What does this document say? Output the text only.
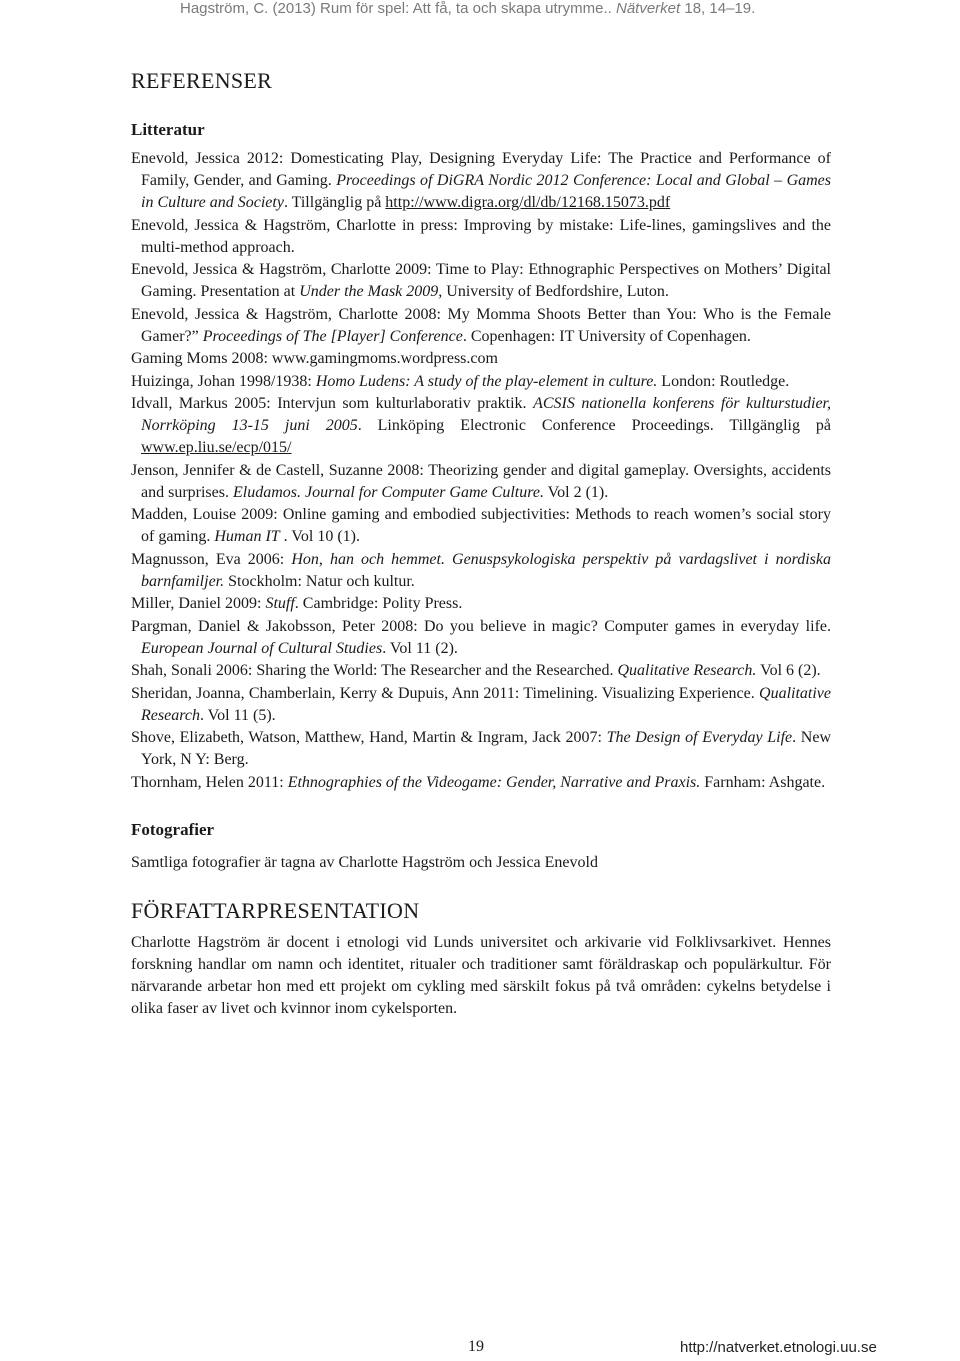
Hagström, C. (2013) Rum för spel: Att få, ta och skapa utrymme.. Nätverket 18, 14–19.
REFERENSER
Litteratur

Enevold, Jessica 2012: Domesticating Play, Designing Everyday Life: The Practice and Performance of Family, Gender, and Gaming. Proceedings of DiGRA Nordic 2012 Conference: Local and Global – Games in Culture and Society. Tillgänglig på http://www.digra.org/dl/db/12168.15073.pdf

Enevold, Jessica & Hagström, Charlotte in press: Improving by mistake: Life-lines, gamingslives and the multi-method approach.

Enevold, Jessica & Hagström, Charlotte 2009: Time to Play: Ethnographic Perspectives on Mothers’ Digital Gaming. Presentation at Under the Mask 2009, University of Bedfordshire, Luton.

Enevold, Jessica & Hagström, Charlotte 2008: My Momma Shoots Better than You: Who is the Female Gamer?” Proceedings of The [Player] Conference. Copenhagen: IT University of Copenhagen.

Gaming Moms 2008: www.gamingmoms.wordpress.com

Huizinga, Johan 1998/1938: Homo Ludens: A study of the play-element in culture. London: Routledge.

Idvall, Markus 2005: Intervjun som kulturlaborativ praktik. ACSIS nationella konferens för kulturstudier, Norrköping 13-15 juni 2005. Linköping Electronic Conference Proceedings. Tillgänglig på www.ep.liu.se/ecp/015/

Jenson, Jennifer & de Castell, Suzanne 2008: Theorizing gender and digital gameplay. Oversights, accidents and surprises. Eludamos. Journal for Computer Game Culture. Vol 2 (1).

Madden, Louise 2009: Online gaming and embodied subjectivities: Methods to reach women’s social story of gaming. Human IT . Vol 10 (1).

Magnusson, Eva 2006: Hon, han och hemmet. Genuspsykologiska perspektiv på vardagslivet i nordiska barnfamiljer. Stockholm: Natur och kultur.

Miller, Daniel 2009: Stuff. Cambridge: Polity Press.

Pargman, Daniel & Jakobsson, Peter 2008: Do you believe in magic? Computer games in everyday life. European Journal of Cultural Studies. Vol 11 (2).

Shah, Sonali 2006: Sharing the World: The Researcher and the Researched. Qualitative Research. Vol 6 (2).

Sheridan, Joanna, Chamberlain, Kerry & Dupuis, Ann 2011: Timelining. Visualizing Experience. Qualitative Research. Vol 11 (5).

Shove, Elizabeth, Watson, Matthew, Hand, Martin & Ingram, Jack 2007: The Design of Everyday Life. New York, N Y: Berg.

Thornham, Helen 2011: Ethnographies of the Videogame: Gender, Narrative and Praxis. Farnham: Ashgate.

Fotografier

Samtliga fotografier är tagna av Charlotte Hagström och Jessica Enevold

FÖRFATTARPRESENTATION

Charlotte Hagström är docent i etnologi vid Lunds universitet och arkivarie vid Folklivsarkivet. Hennes forskning handlar om namn och identitet, ritualer och traditioner samt föräldraskap och populärkultur. För närvarande arbetar hon med ett projekt om cykling med särskilt fokus på två områden: cykelns betydelse i olika faser av livet och kvinnor inom cykelsporten.

19	http://natverket.etnologi.uu.se
